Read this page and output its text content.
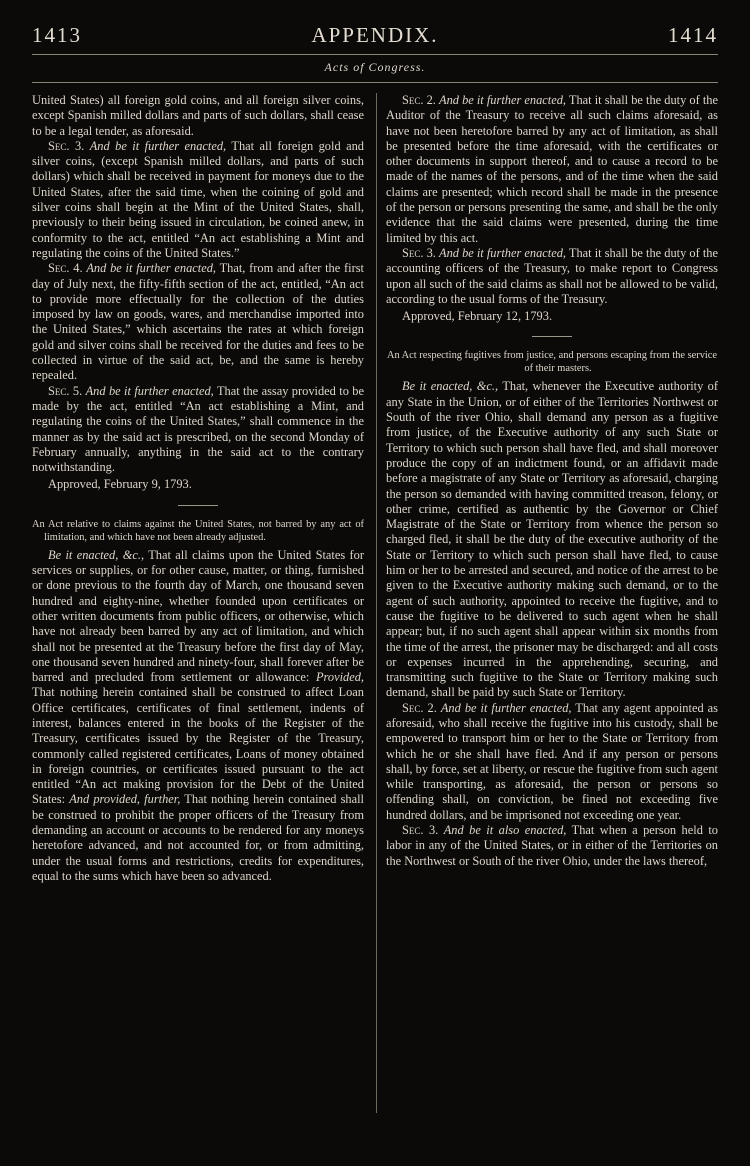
1413	APPENDIX.	1414
Acts of Congress.

United States) all foreign gold coins, and all foreign silver coins, except Spanish milled dollars and parts of such dollars, shall cease to be a legal tender, as aforesaid.

Sec. 3. And be it further enacted, That all foreign gold and silver coins, (except Spanish milled dollars, and parts of such dollars) which shall be received in payment for moneys due to the United States, after the said time, when the coining of gold and silver coins shall begin at the Mint of the United States, shall, previously to their being issued in circulation, be coined anew, in conformity to the act, entitled “An act establishing a Mint and regulating the coins of the United States.”

Sec. 4. And be it further enacted, That, from and after the first day of July next, the fifty-fifth section of the act, entitled, “An act to provide more effectually for the collection of the duties imposed by law on goods, wares, and merchandise imported into the United States,” which ascertains the rates at which foreign gold and silver coins shall be received for the duties and fees to be collected in virtue of the said act, be, and the same is hereby repealed.

Sec. 5. And be it further enacted, That the assay provided to be made by the act, entitled “An act establishing a Mint, and regulating the coins of the United States,” shall commence in the manner as by the said act is prescribed, on the second Monday of February annually, anything in the said act to the contrary notwithstanding.

Approved, February 9, 1793.

An Act relative to claims against the United States, not barred by any act of limitation, and which have not been already adjusted.

Be it enacted, &c., That all claims upon the United States for services or supplies, or for other cause, matter, or thing, furnished or done previous to the fourth day of March, one thousand seven hundred and eighty-nine, whether founded upon certificates or other written documents from public officers, or otherwise, which have not already been barred by any act of limitation, and which shall not be presented at the Treasury before the first day of May, one thousand seven hundred and ninety-four, shall forever after be barred and precluded from settlement or allowance: Provided, That nothing herein contained shall be construed to affect Loan Office certificates, certificates of final settlement, indents of interest, balances entered in the books of the Register of the Treasury, certificates issued by the Register of the Treasury, commonly called registered certificates, Loans of money obtained in foreign countries, or certificates issued pursuant to the act entitled “An act making provision for the Debt of the United States: And provided, further, That nothing herein contained shall be construed to prohibit the proper officers of the Treasury from demanding an account or accounts to be rendered for any moneys heretofore advanced, and not accounted for, or from admitting, under the usual forms and restrictions, credits for expenditures, equal to the sums which have been so advanced.

Sec. 2. And be it further enacted, That it shall be the duty of the Auditor of the Treasury to receive all such claims aforesaid, as have not been heretofore barred by any act of limitation, as shall be presented before the time aforesaid, with the certificates or other documents in support thereof, and to cause a record to be made of the names of the persons, and of the time when the said claims are presented; which record shall be made in the presence of the person or persons presenting the same, and shall be the only evidence that the said claims were presented, during the time limited by this act.

Sec. 3. And be it further enacted, That it shall be the duty of the accounting officers of the Treasury, to make report to Congress upon all such of the said claims as shall not be allowed to be valid, according to the usual forms of the Treasury.

Approved, February 12, 1793.

An Act respecting fugitives from justice, and persons escaping from the service of their masters.

Be it enacted, &c., That, whenever the Executive authority of any State in the Union, or of either of the Territories Northwest or South of the river Ohio, shall demand any person as a fugitive from justice, of the Executive authority of any such State or Territory to which such person shall have fled, and shall moreover produce the copy of an indictment found, or an affidavit made before a magistrate of any State or Territory as aforesaid, charging the person so demanded with having committed treason, felony, or other crime, certified as authentic by the Governor or Chief Magistrate of the State or Territory from whence the person so charged fled, it shall be the duty of the executive authority of the State or Territory to which such person shall have fled, to cause him or her to be arrested and secured, and notice of the arrest to be given to the Executive authority making such demand, or to the agent of such authority, appointed to receive the fugitive, and to cause the fugitive to be delivered to such agent when he shall appear; but, if no such agent shall appear within six months from the time of the arrest, the prisoner may be discharged: and all costs or expenses incurred in the apprehending, securing, and transmitting such fugitive to the State or Territory making such demand, shall be paid by such State or Territory.

Sec. 2. And be it further enacted, That any agent appointed as aforesaid, who shall receive the fugitive into his custody, shall be empowered to transport him or her to the State or Territory from which he or she shall have fled. And if any person or persons shall, by force, set at liberty, or rescue the fugitive from such agent while transporting, as aforesaid, the person or persons so offending shall, on conviction, be fined not exceeding five hundred dollars, and be imprisoned not exceeding one year.

Sec. 3. And be it also enacted, That when a person held to labor in any of the United States, or in either of the Territories on the Northwest or South of the river Ohio, under the laws thereof,
